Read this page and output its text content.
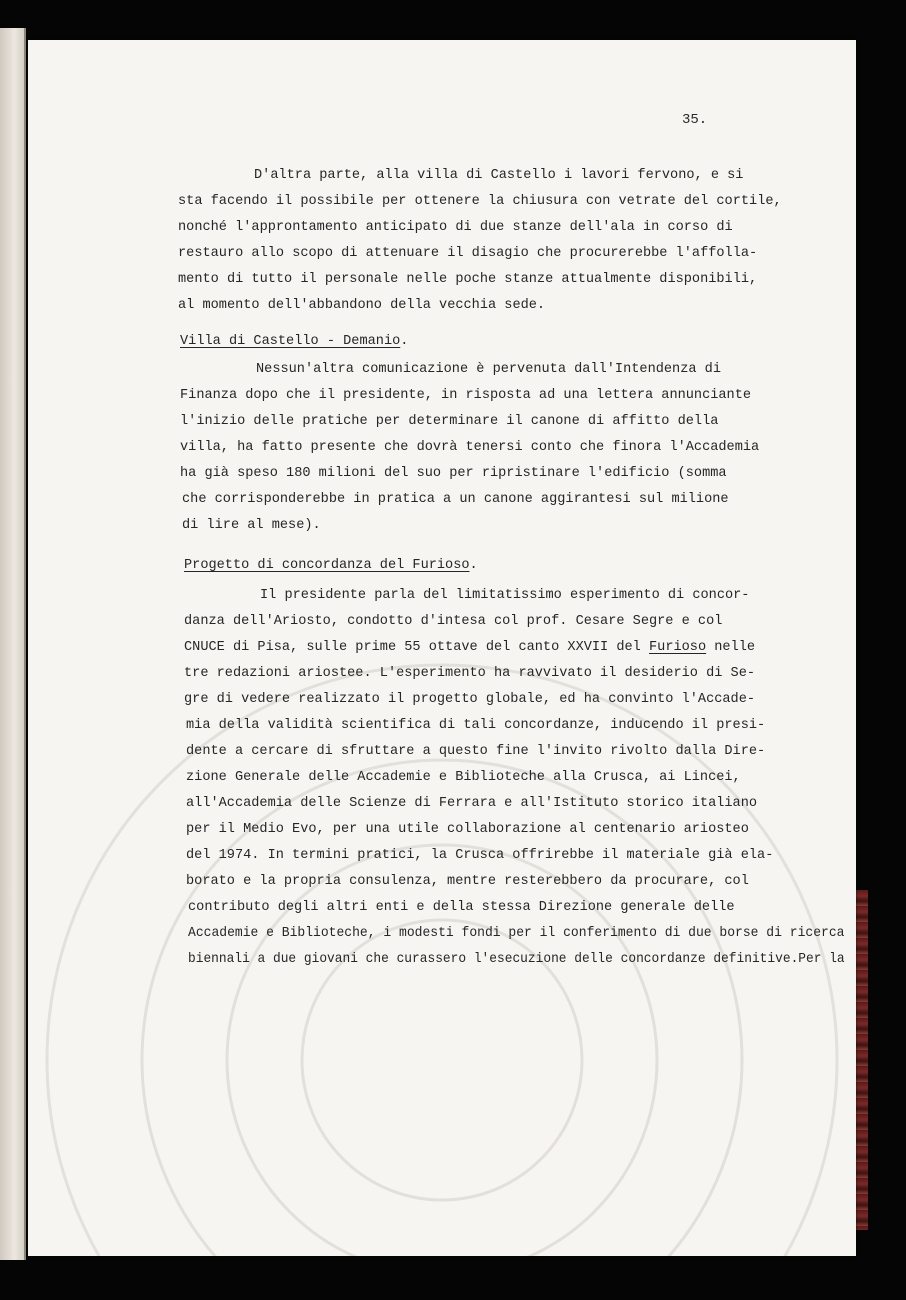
35.
D'altra parte, alla villa di Castello i lavori fervono, e si
sta facendo il possibile per ottenere la chiusura con vetrate del cortile,
nonché l'approntamento anticipato di due stanze dell'ala in corso di
restauro allo scopo di attenuare il disagio che procurerebbe l'affolla-
mento di tutto il personale nelle poche stanze attualmente disponibili,
al momento dell'abbandono della vecchia sede.
Villa di Castello - Demanio.
Nessun'altra comunicazione è pervenuta dall'Intendenza di
Finanza dopo che il presidente, in risposta ad una lettera annunciante
l'inizio delle pratiche per determinare il canone di affitto della
villa, ha fatto presente che dovrà tenersi conto che finora l'Accademia
ha già speso 180 milioni del suo per ripristinare l'edificio (somma
che corrisponderebbe in pratica a un canone aggirantesi sul milione
di lire al mese).
Progetto di concordanza del Furioso.
Il presidente parla del limitatissimo esperimento di concor-
danza dell'Ariosto, condotto d'intesa col prof. Cesare Segre e col
CNUCE di Pisa, sulle prime 55 ottave del canto XXVII del Furioso nelle
tre redazioni ariostee. L'esperimento ha ravvivato il desiderio di Se-
gre di vedere realizzato il progetto globale, ed ha convinto l'Accade-
mia della validità scientifica di tali concordanze, inducendo il presi-
dente a cercare di sfruttare a questo fine l'invito rivolto dalla Dire-
zione Generale delle Accademie e Biblioteche alla Crusca, ai Lincei,
all'Accademia delle Scienze di Ferrara e all'Istituto storico italiano
per il Medio Evo, per una utile collaborazione al centenario ariosteo
del 1974. In termini pratici, la Crusca offrirebbe il materiale già ela-
borato e la propria consulenza, mentre resterebbero da procurare, col
contributo degli altri enti e della stessa Direzione generale delle
Accademie e Biblioteche, i modesti fondi per il conferimento di due borse di ricerca
biennali a due giovani che curassero l'esecuzione delle concordanze definitive.Per la
